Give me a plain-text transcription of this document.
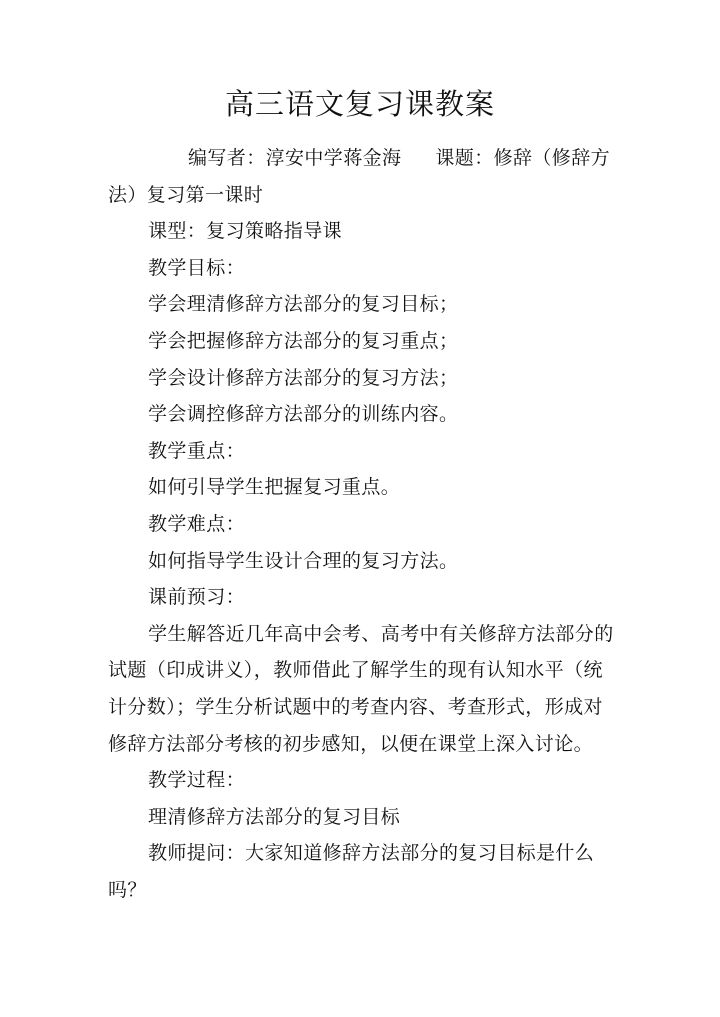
高三语文复习课教案

编写者：淳安中学蒋金海 课题：修辞（修辞方法）复习第一课时

课型：复习策略指导课

教学目标：

学会理清修辞方法部分的复习目标；

学会把握修辞方法部分的复习重点；

学会设计修辞方法部分的复习方法；

学会调控修辞方法部分的训练内容。

教学重点：

如何引导学生把握复习重点。

教学难点：

如何指导学生设计合理的复习方法。

课前预习：

学生解答近几年高中会考、高考中有关修辞方法部分的试题（印成讲义），教师借此了解学生的现有认知水平（统计分数）；学生分析试题中的考查内容、考查形式，形成对修辞方法部分考核的初步感知，以便在课堂上深入讨论。

教学过程：

理清修辞方法部分的复习目标

教师提问：大家知道修辞方法部分的复习目标是什么吗？
